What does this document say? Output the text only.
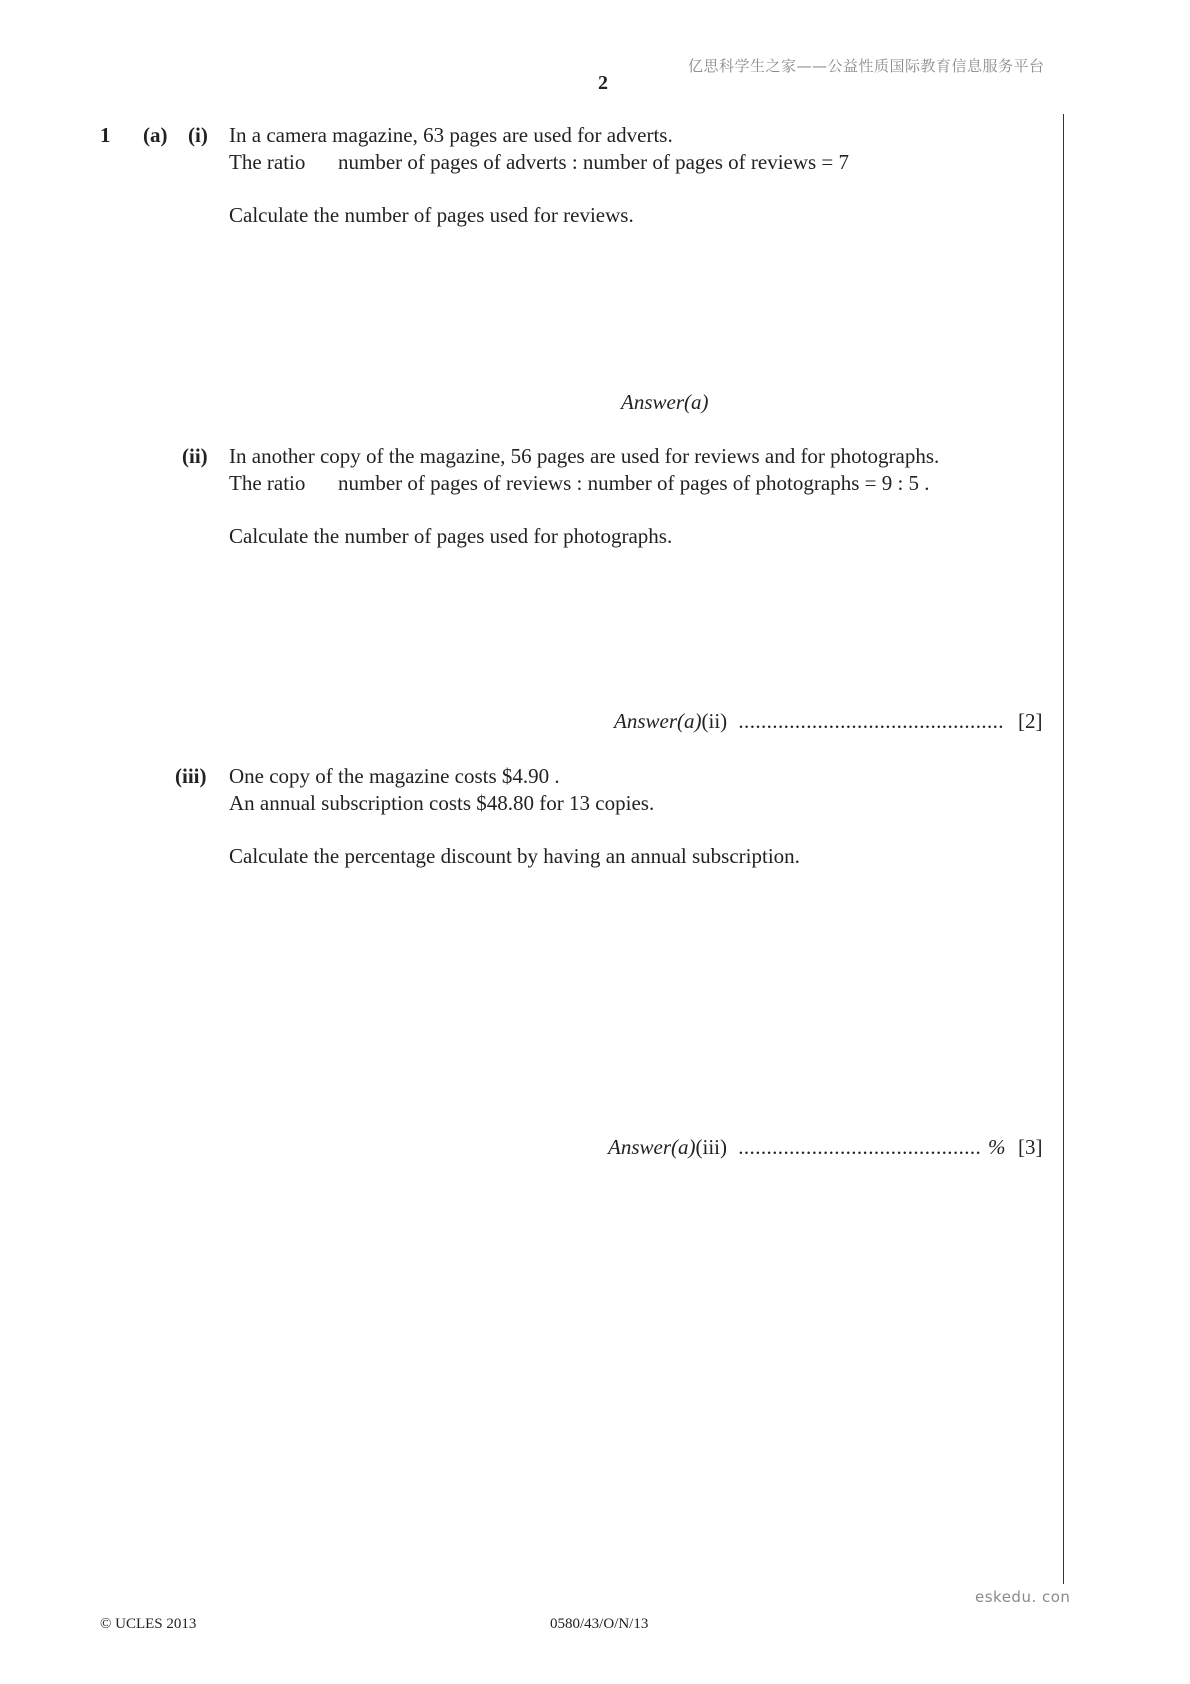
亿思科学生之家——公益性质国际教育信息服务平台
2
1 (a) (i) In a camera magazine, 63 pages are used for adverts.
The ratio number of pages of adverts : number of pages of reviews = 7
Calculate the number of pages used for reviews.
Answer(a)
(ii) In another copy of the magazine, 56 pages are used for reviews and for photographs.
The ratio number of pages of reviews : number of pages of photographs = 9 : 5 .
Calculate the number of pages used for photographs.
Answer(a)(ii) ............................................... [2]
(iii) One copy of the magazine costs $4.90 .
An annual subscription costs $48.80 for 13 copies.
Calculate the percentage discount by having an annual subscription.
Answer(a)(iii) ........................................... % [3]
eskedu. con
© UCLES 2013	0580/43/O/N/13
